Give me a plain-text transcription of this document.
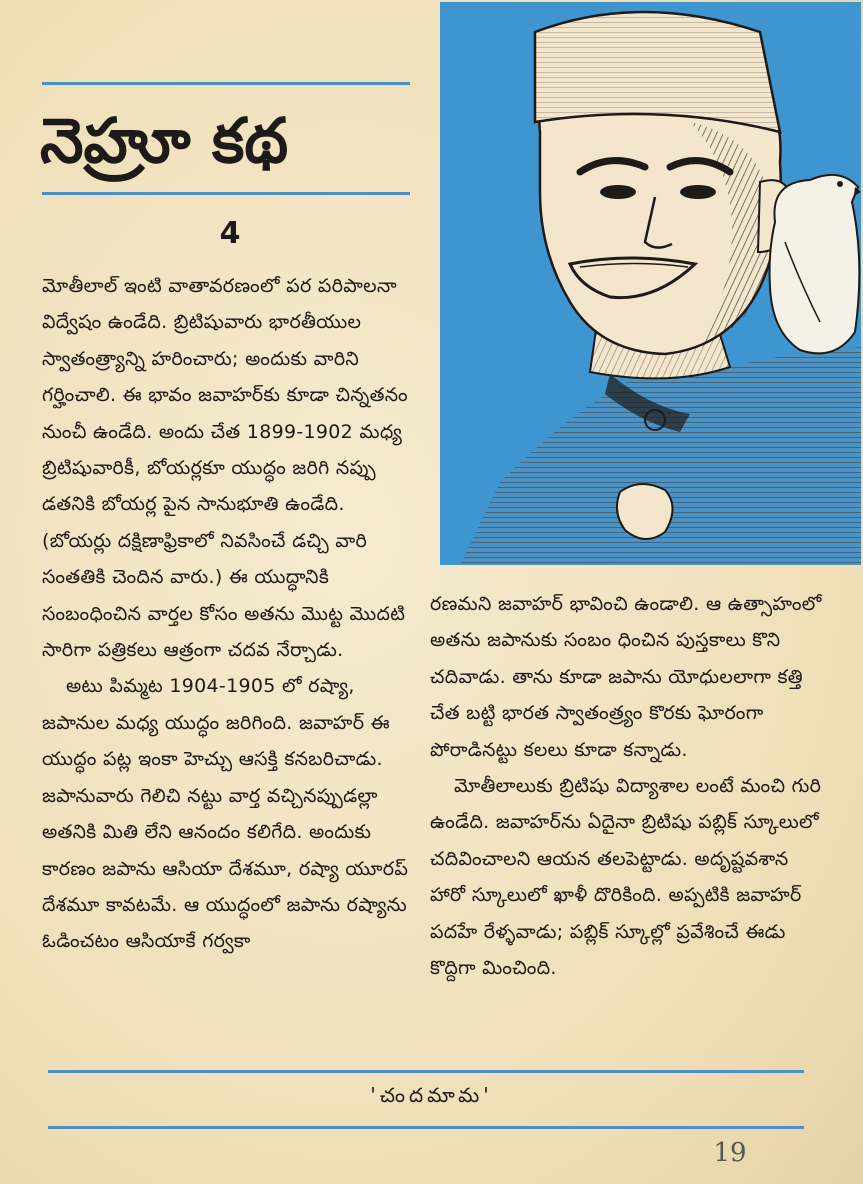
నెహ్రూ కథ
4

మోతీలాల్ ఇంటి వాతావరణంలో పర పరిపాలనా విద్వేషం ఉండేది. బ్రిటిషువారు భారతీయుల స్వాతంత్ర్యాన్ని హరించారు; అందుకు వారిని గర్హించాలి. ఈ భావం జవాహర్‌కు కూడా చిన్నతనం నుంచీ ఉండేది. అందు చేత 1899-1902 మధ్య బ్రిటిషువారికీ, బోయర్లకూ యుద్ధం జరిగి నప్పు డతనికి బోయర్ల పైన సానుభూతి ఉండేది. (బోయర్లు దక్షిణాఫ్రికాలో నివసించే డచ్చి వారి సంతతికి చెందిన వారు.) ఈ యుద్ధానికి సంబంధించిన వార్తల కోసం అతను మొట్ట మొదటి సారిగా పత్రికలు ఆత్రంగా చదవ నేర్చాడు.

అటు పిమ్మట 1904-1905 లో రష్యా, జపానుల మధ్య యుద్ధం జరిగింది. జవాహర్ ఈ యుద్ధం పట్ల ఇంకా హెచ్చు ఆసక్తి కనబరిచాడు. జపానువారు గెలిచి నట్టు వార్త వచ్చినప్పుడల్లా అతనికి మితి లేని ఆనందం కలిగేది. అందుకు కారణం జపాను ఆసియా దేశమూ, రష్యా యూరప్ దేశమూ కావటమే. ఆ యుద్ధంలో జపాను రష్యాను ఓడించటం ఆసియాకే గర్వకా

రణమని జవాహర్ భావించి ఉండాలి. ఆ ఉత్సాహంలో అతను జపానుకు సంబం ధించిన పుస్తకాలు కొని చదివాడు. తాను కూడా జపాను యోధులలాగా కత్తి చేత బట్టి భారత స్వాతంత్ర్యం కొరకు ఘోరంగా పోరాడినట్టు కలలు కూడా కన్నాడు.

మోతీలాలుకు బ్రిటిషు విద్యాశాల లంటే మంచి గురి ఉండేది. జవాహర్‌ను ఏదైనా బ్రిటిషు పబ్లిక్ స్కూలులో చదివించాలని ఆయన తలపెట్టాడు. అదృష్టవశాన హారో స్కూలులో ఖాళీ దొరికింది. అప్పటికి జవాహర్ పదహే రేళ్ళవాడు; పబ్లిక్ స్కూల్లో ప్రవేశించే ఈడు కొద్దిగా మించింది.

'చందమామ'
19
